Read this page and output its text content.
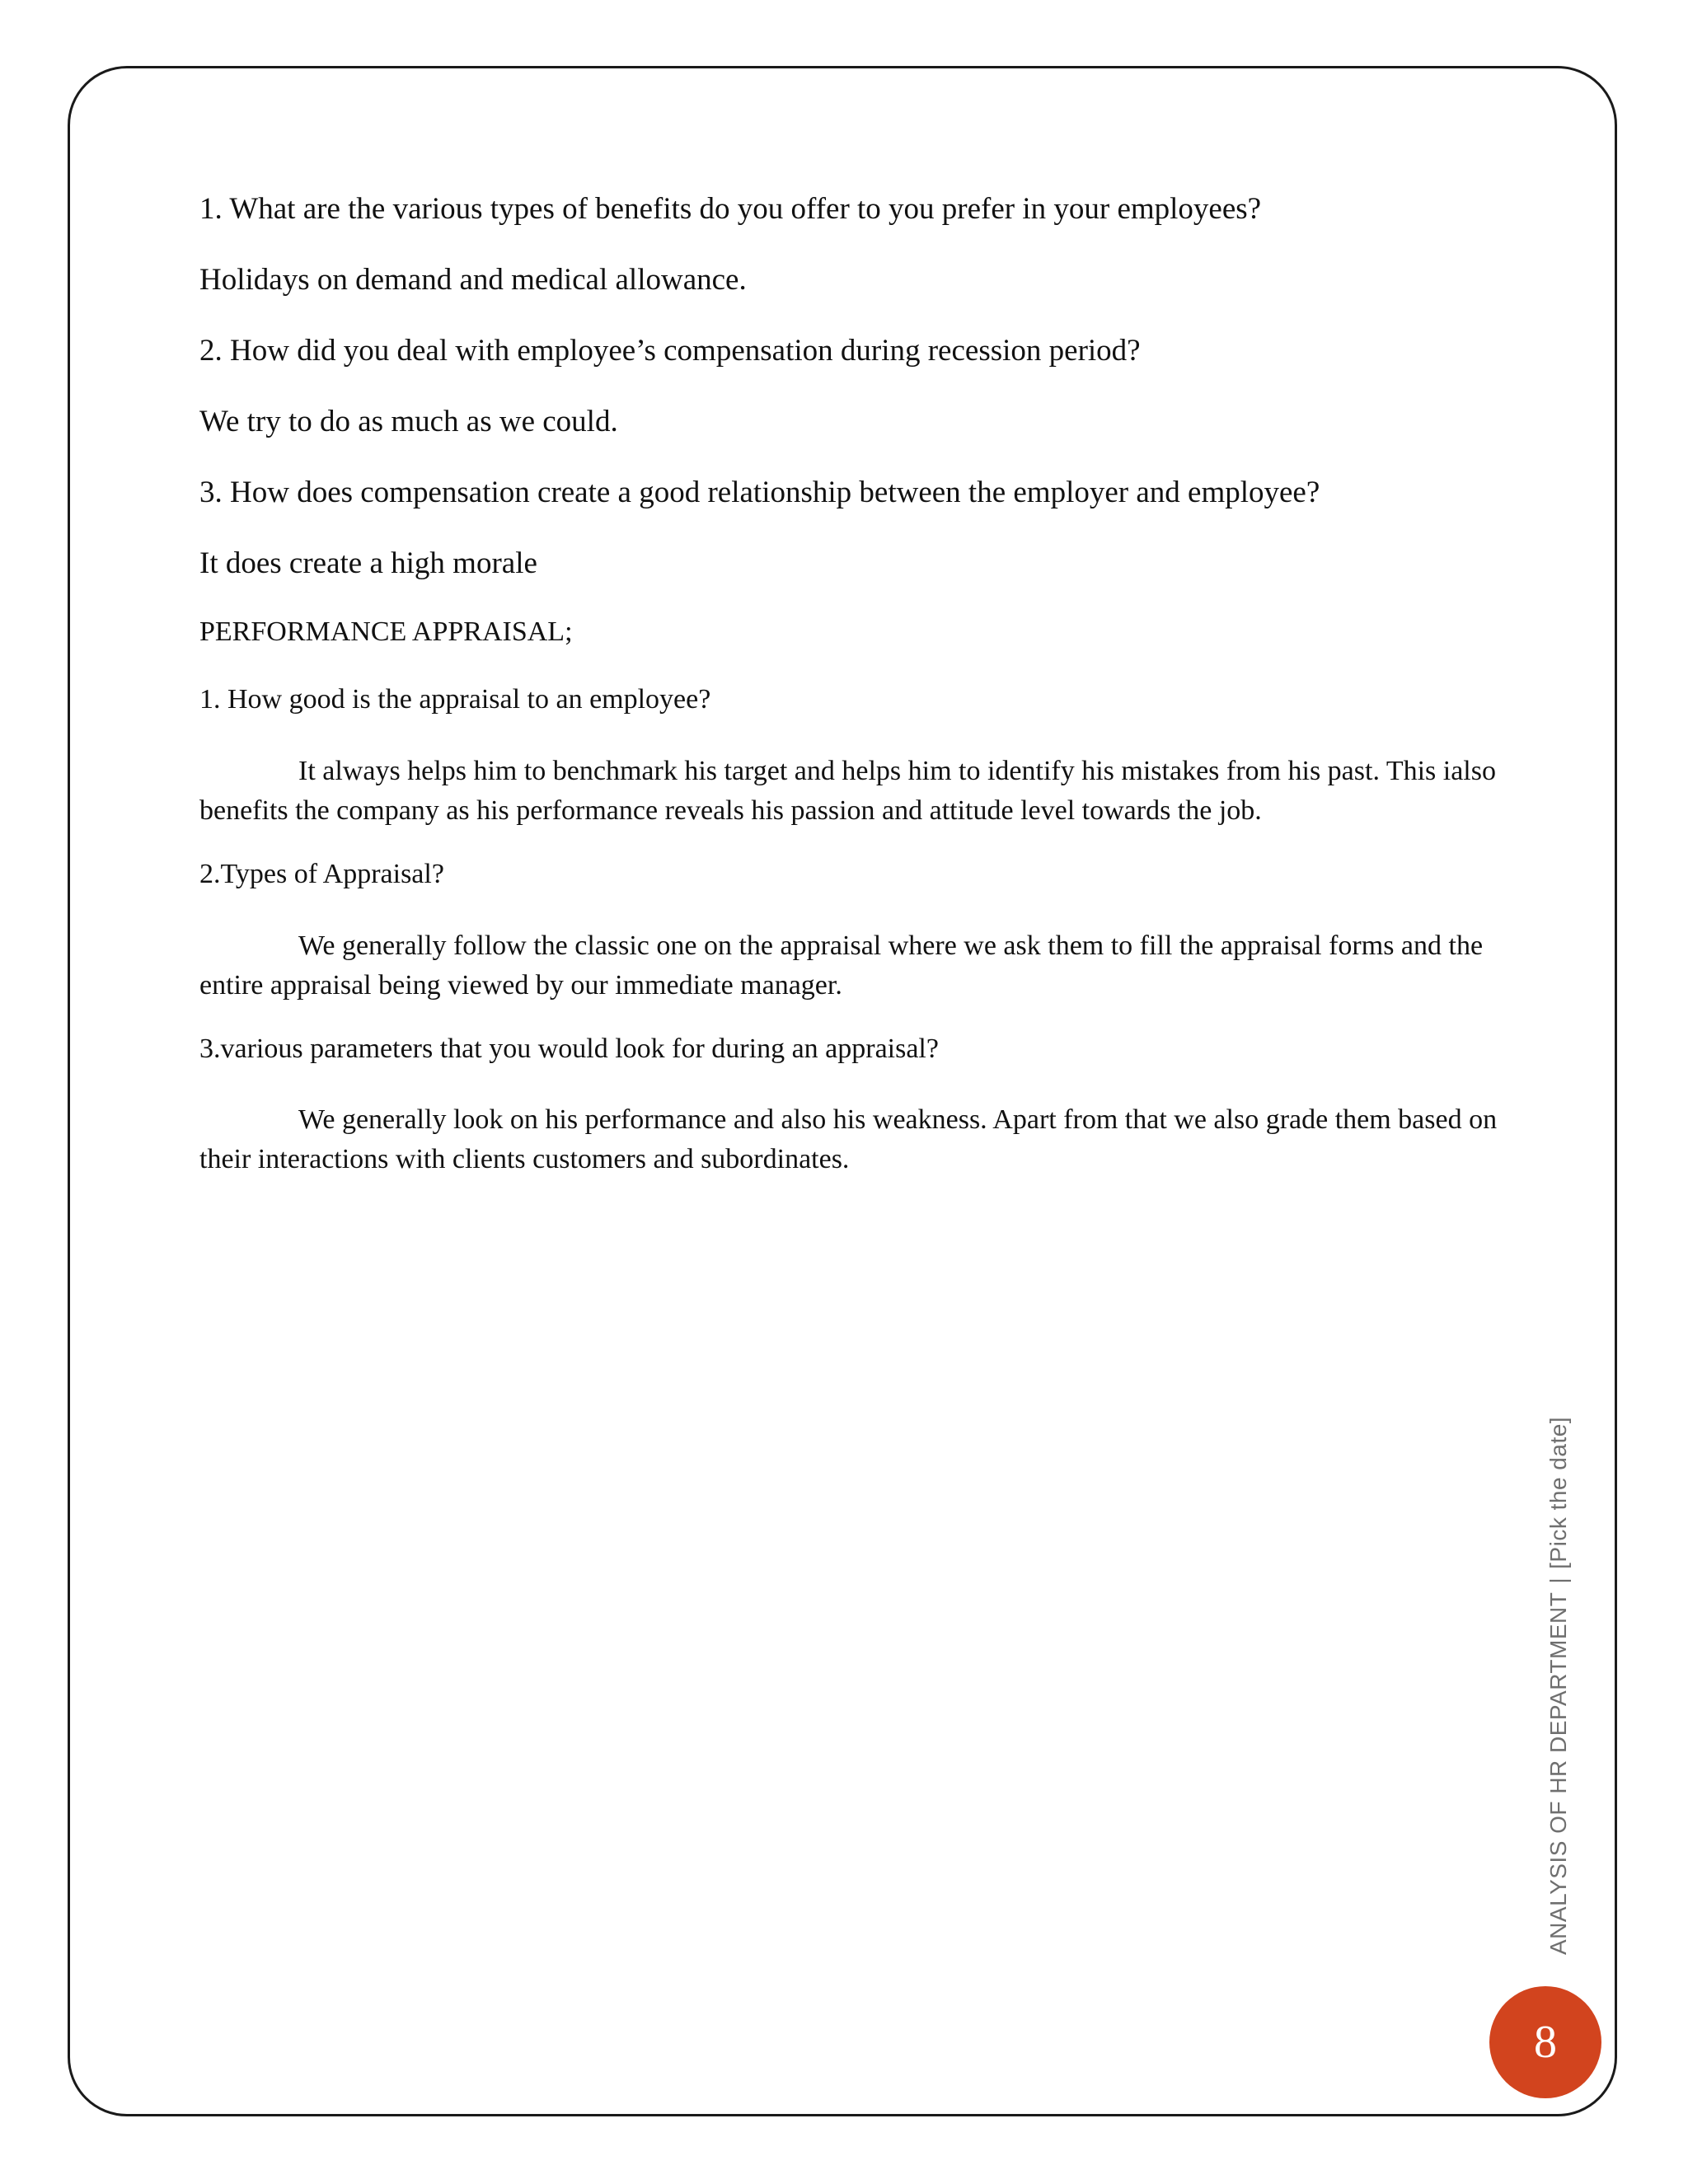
1. What are the various types of benefits do you offer to you prefer in your employees?
Holidays on demand and medical allowance.
2. How did you deal with employee’s compensation during recession period?
We try to do as much as we could.
3. How does compensation create a good relationship between the employer and employee?
It does create a high morale
PERFORMANCE APPRAISAL;
1. How good is the appraisal to an employee?

It always helps him to benchmark his target and helps him to identify his mistakes from his past. This ialso benefits the company as his performance reveals his passion and attitude level towards the job.

2.Types of Appraisal?

We generally follow the classic one on the appraisal where we ask them to fill the appraisal forms and the entire appraisal being viewed by our immediate manager.

3.various parameters that you would look for during an appraisal?

We generally look on his performance and also his weakness. Apart from that we also grade them based on their interactions with clients customers and subordinates.

ANALYSIS OF HR DEPARTMENT|[Pick the date]
8
